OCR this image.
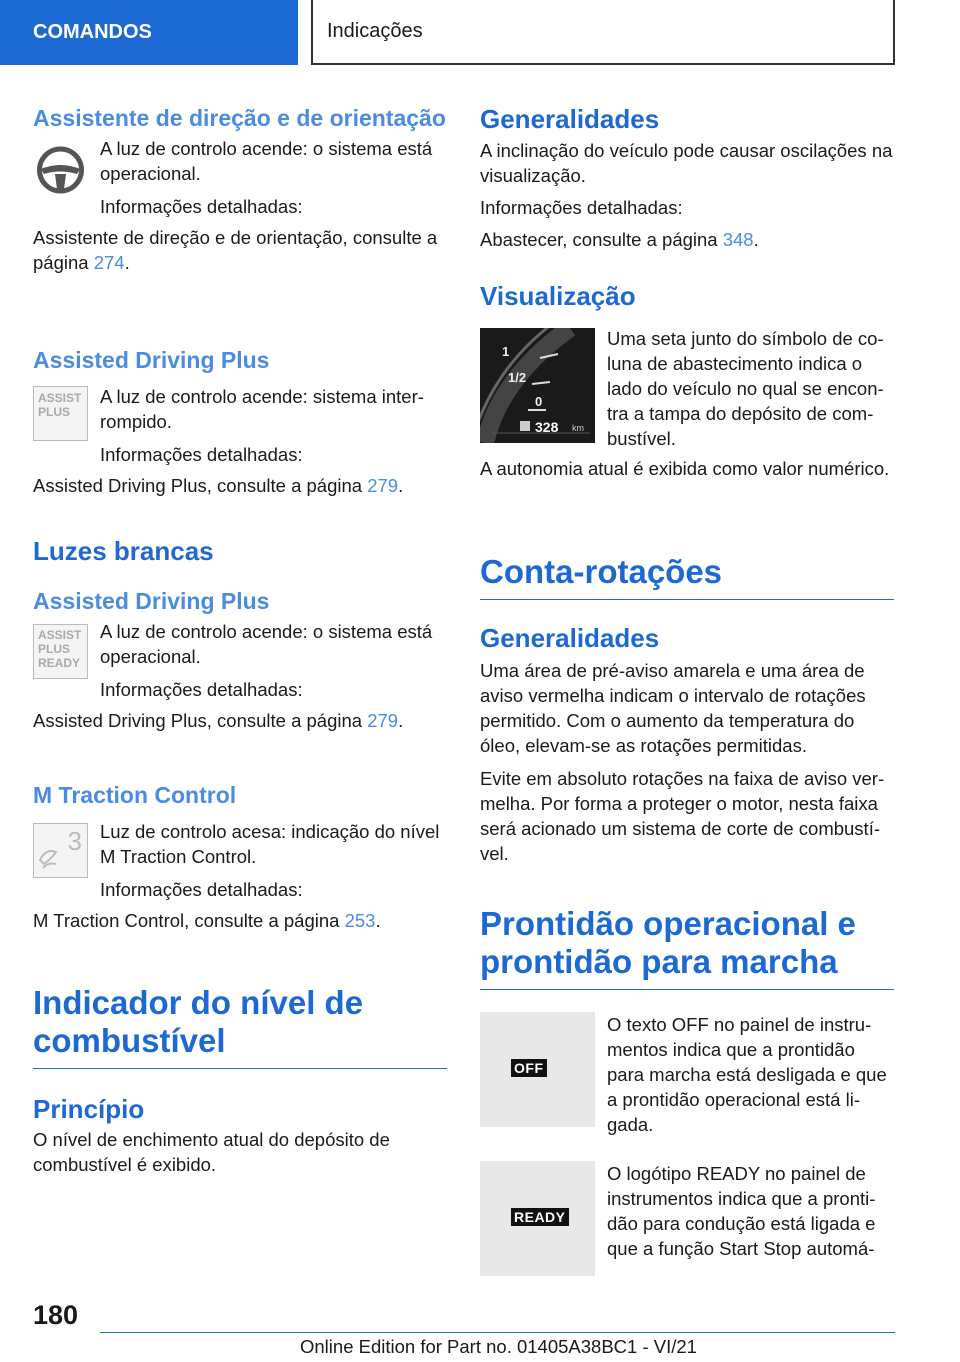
COMANDOS	Indicações
Assistente de direção e de orientação

A luz de controlo acende: o sistema está operacional.

Informações detalhadas:

Assistente de direção e de orientação, consulte a página 274.

Assisted Driving Plus
ASSIST PLUS

A luz de controlo acende: sistema interrompido.

Informações detalhadas:

Assisted Driving Plus, consulte a página 279.

Luzes brancas
Assisted Driving Plus
ASSIST PLUS READY

A luz de controlo acende: o sistema está operacional.

Informações detalhadas:

Assisted Driving Plus, consulte a página 279.

M Traction Control
3 Luz de controlo acesa: indicação do nível M Traction Control.

Informações detalhadas:

M Traction Control, consulte a página 253.

Indicador do nível de combustível
Princípio

O nível de enchimento atual do depósito de combustível é exibido.

Generalidades

A inclinação do veículo pode causar oscilações na visualização.

Informações detalhadas:

Abastecer, consulte a página 348.

Visualização
1
1/2
0
328 km

Uma seta junto do símbolo de coluna de abastecimento indica o lado do veículo no qual se encontra a tampa do depósito de combustível.

A autonomia atual é exibida como valor numérico.

Conta-rotações
Generalidades

Uma área de pré-aviso amarela e uma área de aviso vermelha indicam o intervalo de rotações permitido. Com o aumento da temperatura do óleo, elevam-se as rotações permitidas.

Evite em absoluto rotações na faixa de aviso vermelha. Por forma a proteger o motor, nesta faixa será acionado um sistema de corte de combustível.

Prontidão operacional e prontidão para marcha
OFF

O texto OFF no painel de instrumentos indica que a prontidão para marcha está desligada e que a prontidão operacional está ligada.

READY

O logótipo READY no painel de instrumentos indica que a prontidão para condução está ligada e que a função Start Stop automá-

180
Online Edition for Part no. 01405A38BC1 - VI/21
